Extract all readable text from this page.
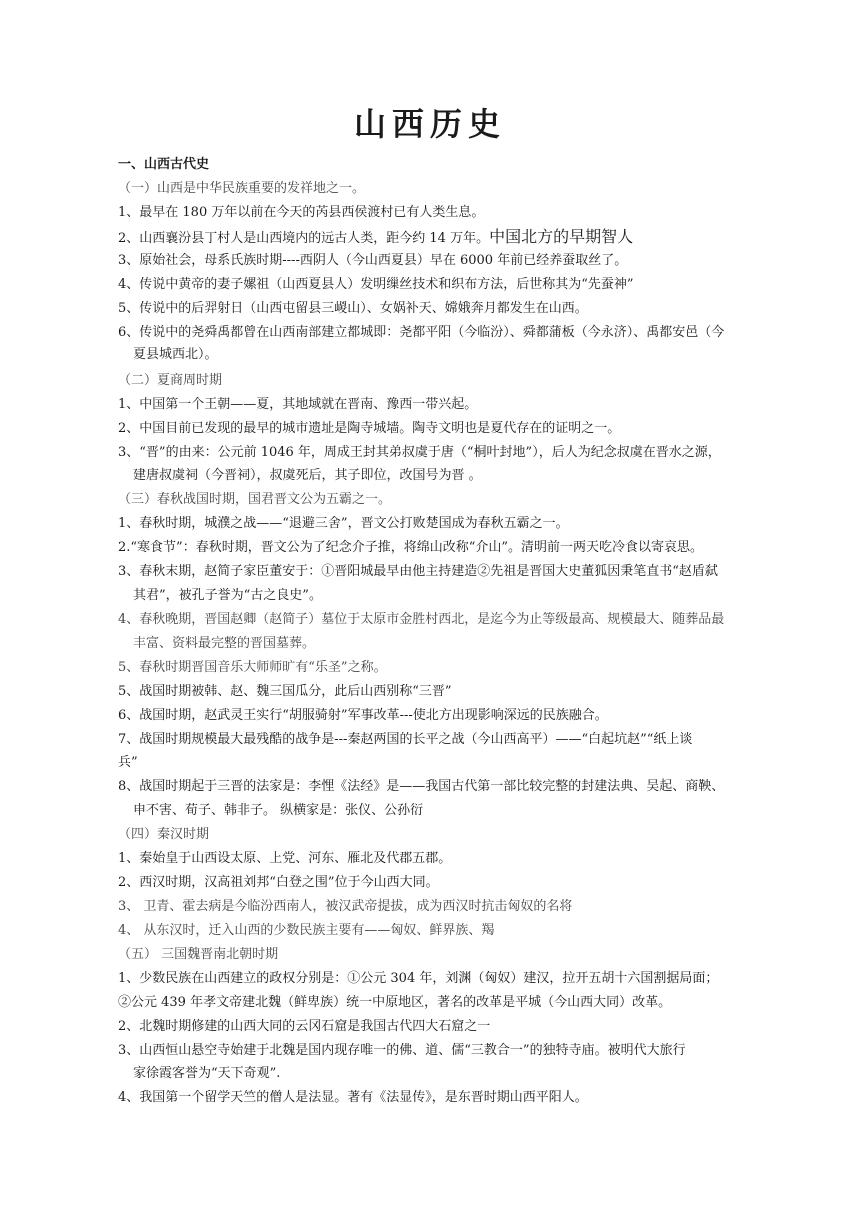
山西历史
一、山西古代史
（一）山西是中华民族重要的发祥地之一。
1、最早在 180 万年以前在今天的芮县西侯渡村已有人类生息。
2、山西襄汾县丁村人是山西境内的远古人类，距今约 14 万年。中国北方的早期智人
3、原始社会，母系氏族时期----西阴人（今山西夏县）早在 6000 年前已经养蚕取丝了。
4、传说中黄帝的妻子嫘祖（山西夏县人）发明缫丝技术和织布方法，后世称其为“先蚕神”
5、传说中的后羿射日（山西屯留县三嵕山）、女娲补天、嫦娥奔月都发生在山西。
6、传说中的尧舜禹都曾在山西南部建立都城即：尧都平阳（今临汾）、舜都蒲板（今永济）、禹都安邑（今
夏县城西北）。
（二）夏商周时期
1、中国第一个王朝——夏，其地域就在晋南、豫西一带兴起。
2、中国目前已发现的最早的城市遗址是陶寺城墙。陶寺文明也是夏代存在的证明之一。
3、“晋”的由来：公元前 1046 年，周成王封其弟叔虞于唐（“桐叶封地”），后人为纪念叔虞在晋水之源，
建唐叔虞祠（今晋祠），叔虞死后，其子即位，改国号为晋 。
（三）春秋战国时期，国君晋文公为五霸之一。
1、春秋时期，城濮之战——“退避三舍”，晋文公打败楚国成为春秋五霸之一。
2.“寒食节”：春秋时期，晋文公为了纪念介子推，将绵山改称“介山”。清明前一两天吃冷食以寄哀思。
3、春秋末期，赵简子家臣董安于：①晋阳城最早由他主持建造②先祖是晋国大史董狐因秉笔直书“赵盾弑
其君”，被孔子誉为“古之良史”。
4、春秋晚期，晋国赵卿（赵简子）墓位于太原市金胜村西北，是迄今为止等级最高、规模最大、随葬品最
丰富、资料最完整的晋国墓葬。
5、春秋时期晋国音乐大师师旷有“乐圣”之称。
5、战国时期被韩、赵、魏三国瓜分，此后山西别称“三晋”
6、战国时期，赵武灵王实行“胡服骑射”军事改革---使北方出现影响深远的民族融合。
7、战国时期规模最大最残酷的战争是---秦赵两国的长平之战（今山西高平）——“白起坑赵”“纸上谈
兵”
8、战国时期起于三晋的法家是：李悝《法经》是——我国古代第一部比较完整的封建法典、吴起、商鞅、
申不害、荀子、韩非子。 纵横家是：张仪、公孙衍
（四）秦汉时期
1、秦始皇于山西设太原、上党、河东、雁北及代郡五郡。
2、西汉时期，汉高祖刘邦“白登之围”位于今山西大同。
3、 卫青、霍去病是今临汾西南人，被汉武帝提拔，成为西汉时抗击匈奴的名将
4、 从东汉时，迁入山西的少数民族主要有——匈奴、鲜界族、羯
（五） 三国魏晋南北朝时期
1、少数民族在山西建立的政权分别是：①公元 304 年，刘渊（匈奴）建汉，拉开五胡十六国割据局面；
②公元 439 年孝文帝建北魏（鲜卑族）统一中原地区，著名的改革是平城（今山西大同）改革。
2、北魏时期修建的山西大同的云冈石窟是我国古代四大石窟之一
3、山西恒山悬空寺始建于北魏是国内现存唯一的佛、道、儒“三教合一”的独特寺庙。被明代大旅行
家徐霞客誉为“天下奇观”.
4、我国第一个留学天竺的僧人是法显。著有《法显传》，是东晋时期山西平阳人。
